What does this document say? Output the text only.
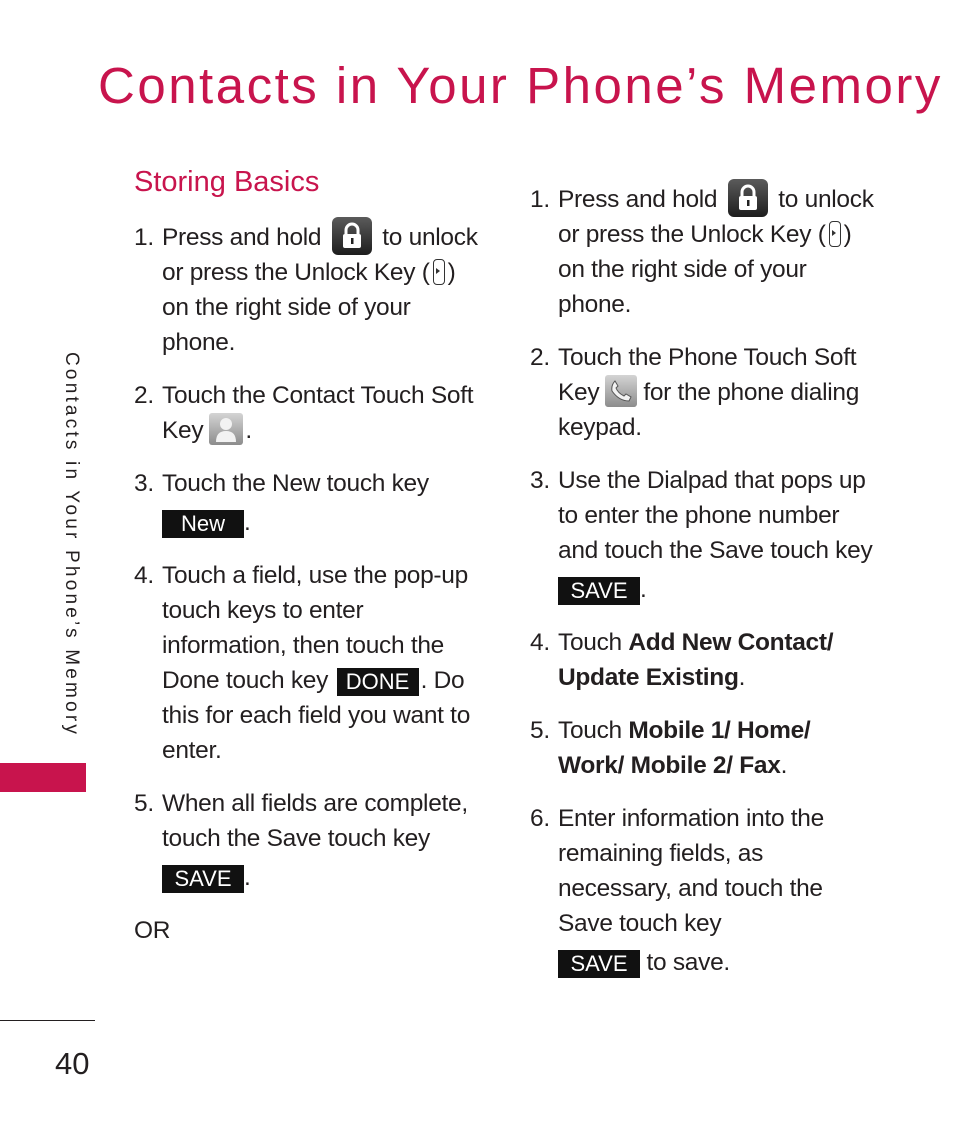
Contacts in Your Phone’s Memory
Storing Basics

1. Press and hold to unlock or press the Unlock Key ( ) on the right side of your phone.

2. Touch the Contact Touch Soft Key .

3. Touch the New touch key
New .

4. Touch a field, use the pop-up touch keys to enter information, then touch the Done touch key DONE . Do this for each field you want to enter.

5. When all fields are complete, touch the Save touch key
SAVE .

OR

1. Press and hold to unlock or press the Unlock Key ( ) on the right side of your phone.

2. Touch the Phone Touch Soft Key for the phone dialing keypad.

3. Use the Dialpad that pops up to enter the phone number and touch the Save touch key
SAVE .

4. Touch Add New Contact/ Update Existing.

5. Touch Mobile 1/ Home/ Work/ Mobile 2/ Fax.

6. Enter information into the remaining fields, as necessary, and touch the Save touch key
SAVE to save.

Contacts in Your Phone’s Memory
40
